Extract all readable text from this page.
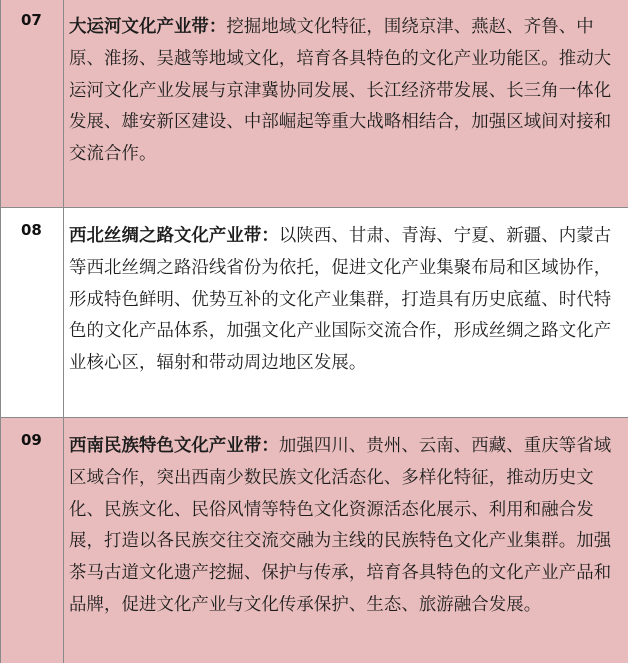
07	大运河文化产业带：挖掘地域文化特征，围绕京津、燕赵、齐鲁、中原、淮扬、吴越等地域文化，培育各具特色的文化产业功能区。推动大运河文化产业发展与京津冀协同发展、长江经济带发展、长三角一体化发展、雄安新区建设、中部崛起等重大战略相结合，加强区域间对接和交流合作。
08	西北丝绸之路文化产业带：以陕西、甘肃、青海、宁夏、新疆、内蒙古等西北丝绸之路沿线省份为依托，促进文化产业集聚布局和区域协作，形成特色鲜明、优势互补的文化产业集群，打造具有历史底蕴、时代特色的文化产品体系，加强文化产业国际交流合作，形成丝绸之路文化产业核心区，辐射和带动周边地区发展。
09	西南民族特色文化产业带：加强四川、贵州、云南、西藏、重庆等省域区域合作，突出西南少数民族文化活态化、多样化特征，推动历史文化、民族文化、民俗风情等特色文化资源活态化展示、利用和融合发展，打造以各民族交往交流交融为主线的民族特色文化产业集群。加强茶马古道文化遗产挖掘、保护与传承，培育各具特色的文化产业产品和品牌，促进文化产业与文化传承保护、生态、旅游融合发展。
